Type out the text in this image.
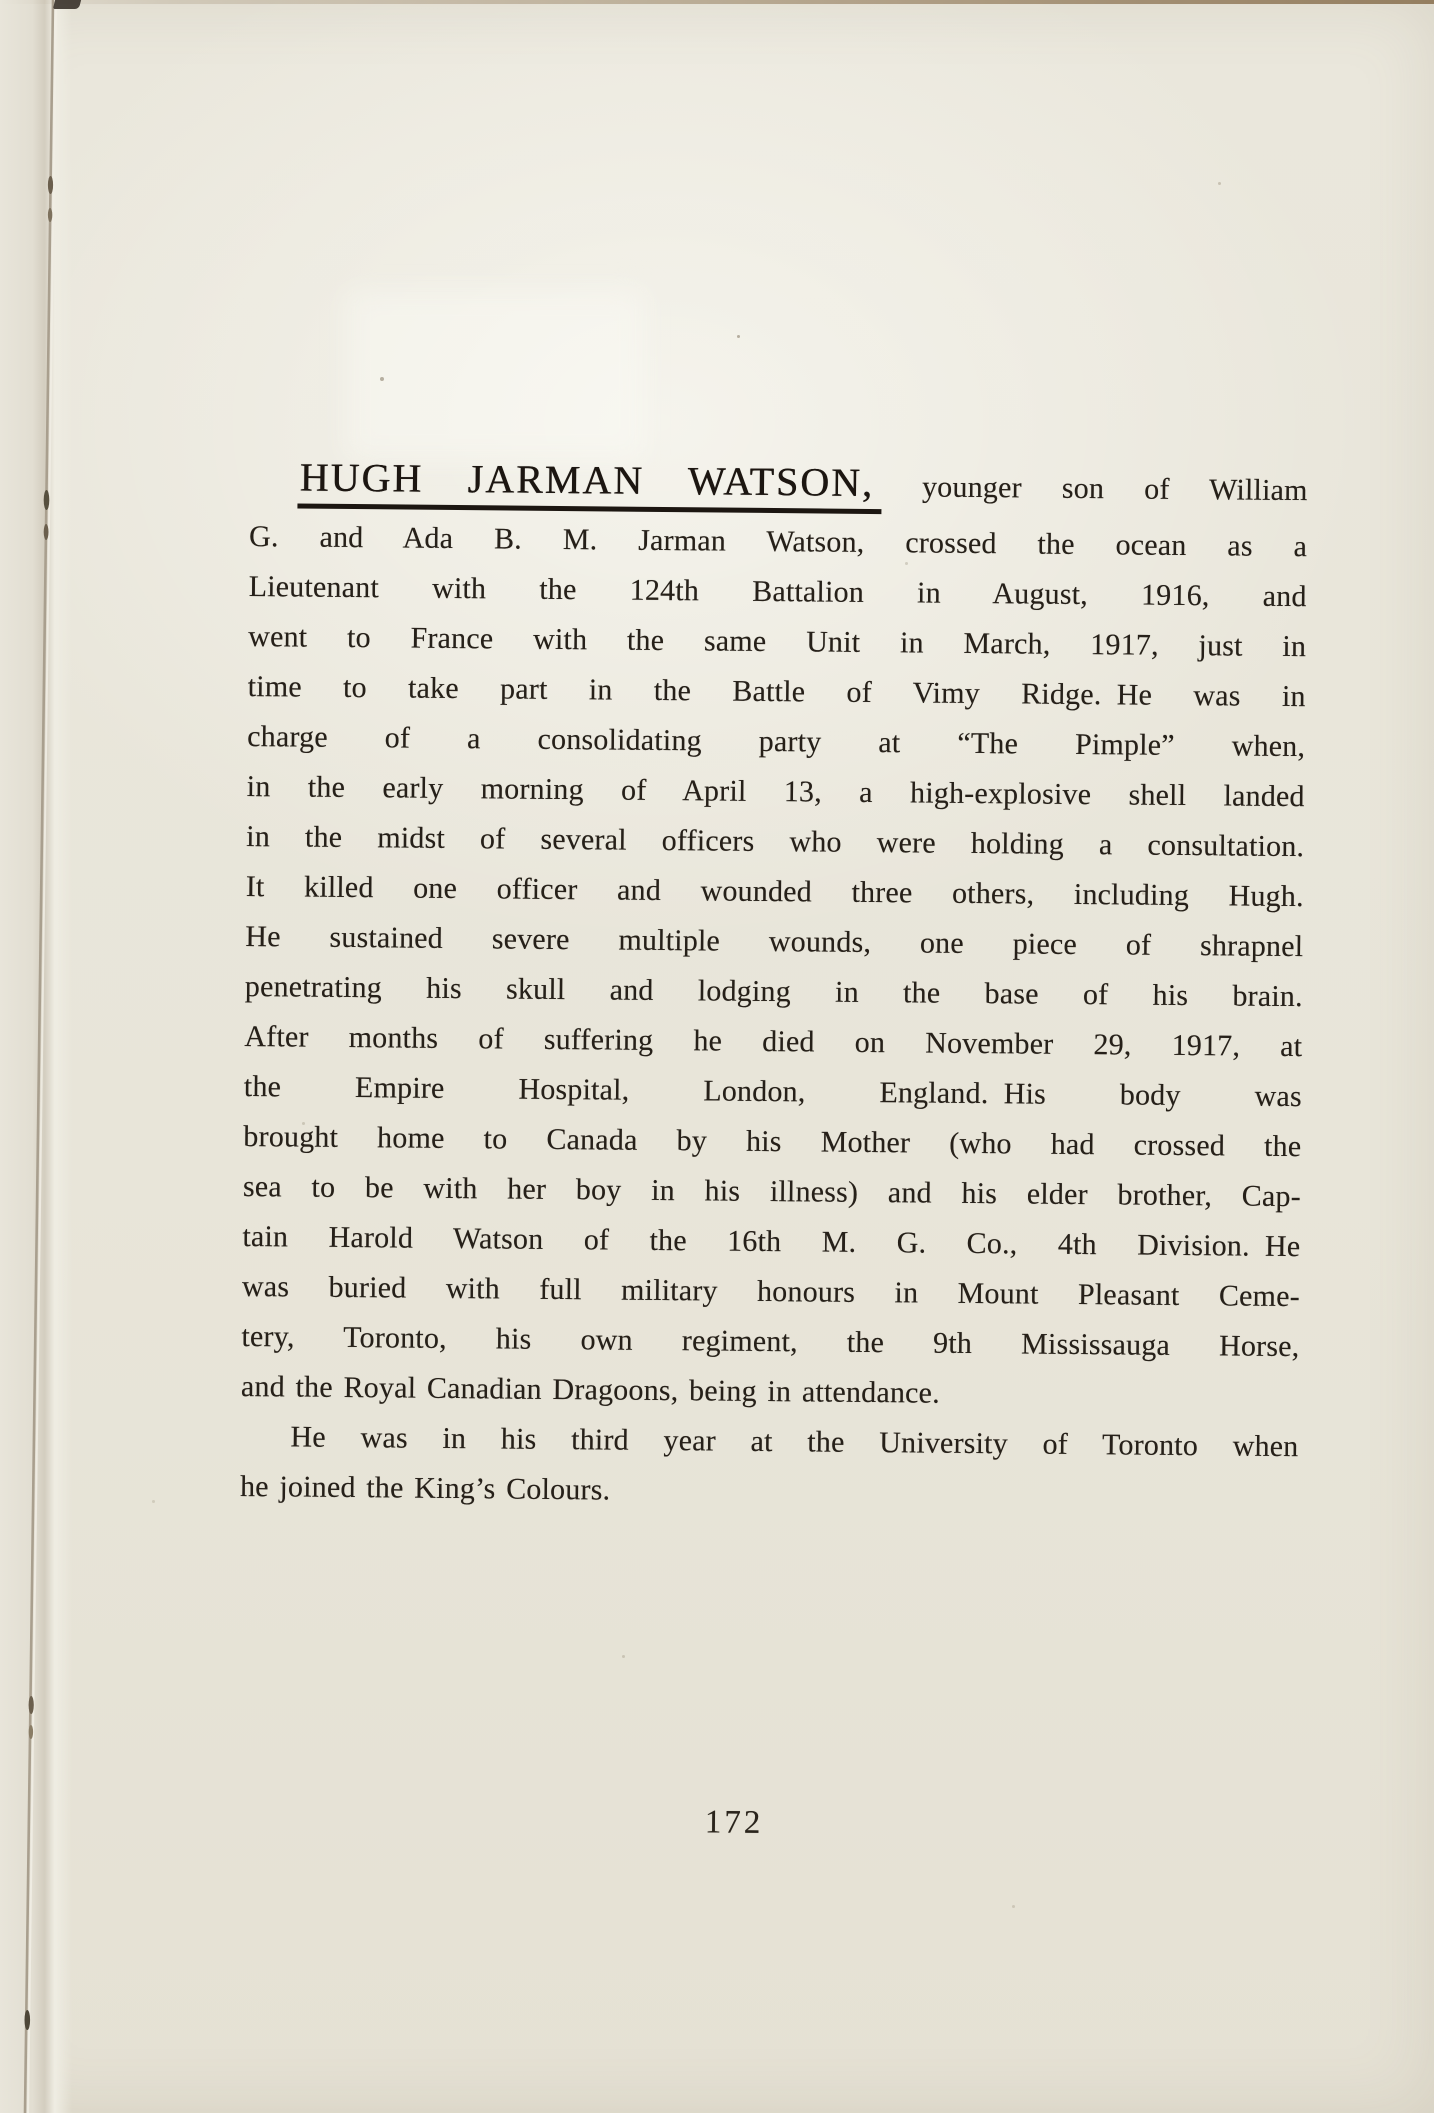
HUGH JARMAN WATSON, younger son of William
G. and Ada B. M. Jarman Watson, crossed the ocean as a
Lieutenant with the 124th Battalion in August, 1916, and
went to France with the same Unit in March, 1917, just in
time to take part in the Battle of Vimy Ridge. He was in
charge of a consolidating party at “The Pimple” when,
in the early morning of April 13, a high-explosive shell landed
in the midst of several officers who were holding a consultation.
It killed one officer and wounded three others, including Hugh.
He sustained severe multiple wounds, one piece of shrapnel
penetrating his skull and lodging in the base of his brain.
After months of suffering he died on November 29, 1917, at
the Empire Hospital, London, England. His body was
brought home to Canada by his Mother (who had crossed the
sea to be with her boy in his illness) and his elder brother, Cap-
tain Harold Watson of the 16th M. G. Co., 4th Division. He
was buried with full military honours in Mount Pleasant Ceme-
tery, Toronto, his own regiment, the 9th Mississauga Horse,
and the Royal Canadian Dragoons, being in attendance.
He was in his third year at the University of Toronto when
he joined the King’s Colours.
172
